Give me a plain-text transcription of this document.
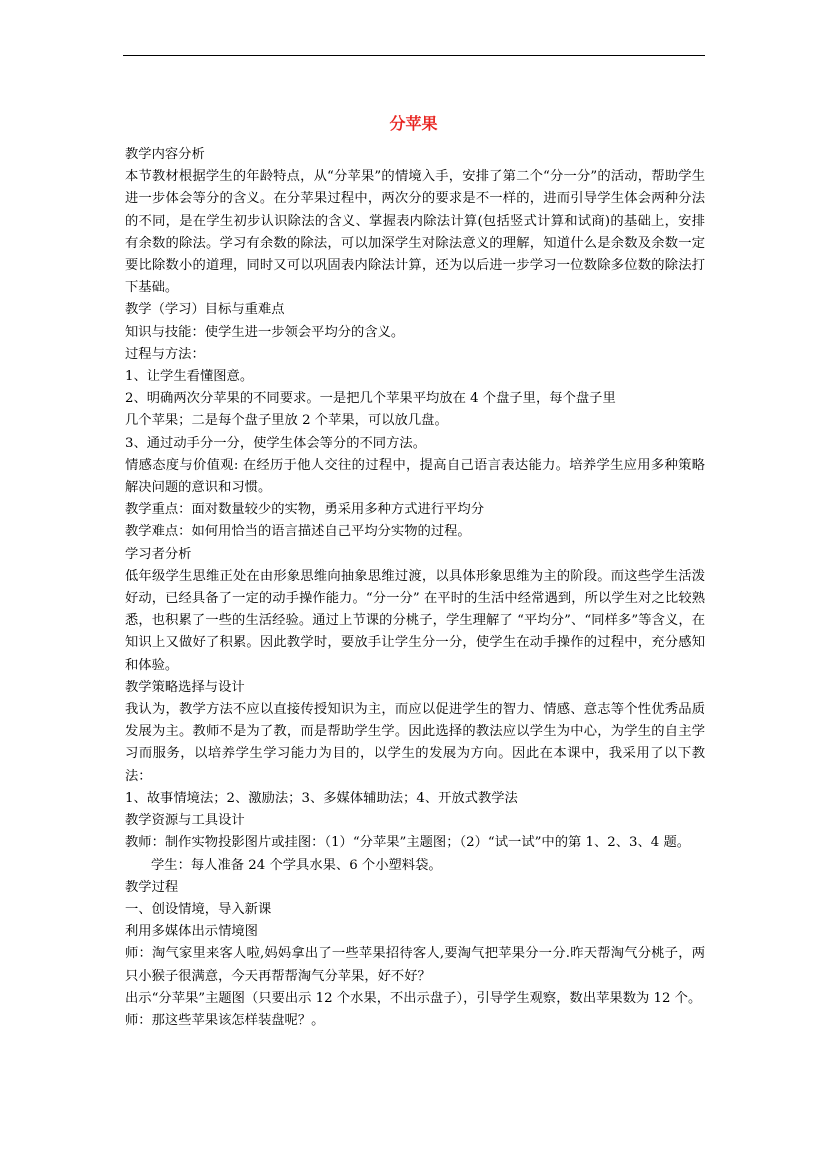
分苹果

教学内容分析

本节教材根据学生的年龄特点，从“分苹果”的情境入手，安排了第二个“分一分”的活动，帮助学生进一步体会等分的含义。在分苹果过程中，两次分的要求是不一样的，进而引导学生体会两种分法的不同，是在学生初步认识除法的含义、掌握表内除法计算(包括竖式计算和试商)的基础上，安排有余数的除法。学习有余数的除法，可以加深学生对除法意义的理解，知道什么是余数及余数一定要比除数小的道理，同时又可以巩固表内除法计算，还为以后进一步学习一位数除多位数的除法打下基础。

教学（学习）目标与重难点

知识与技能：使学生进一步领会平均分的含义。

过程与方法：

1、让学生看懂图意。

2、明确两次分苹果的不同要求。一是把几个苹果平均放在 4 个盘子里，每个盘子里

几个苹果；二是每个盘子里放 2 个苹果，可以放几盘。

3、通过动手分一分，使学生体会等分的不同方法。

情感态度与价值观: 在经历于他人交往的过程中，提高自己语言表达能力。培养学生应用多种策略解决问题的意识和习惯。

教学重点：面对数量较少的实物，勇采用多种方式进行平均分

教学难点：如何用恰当的语言描述自己平均分实物的过程。

学习者分析

低年级学生思维正处在由形象思维向抽象思维过渡，以具体形象思维为主的阶段。而这些学生活泼好动，已经具备了一定的动手操作能力。“分一分” 在平时的生活中经常遇到，所以学生对之比较熟悉，也积累了一些的生活经验。通过上节课的分桃子，学生理解了 “平均分”、“同样多”等含义，在知识上又做好了积累。因此教学时，要放手让学生分一分，使学生在动手操作的过程中，充分感知和体验。

教学策略选择与设计

我认为，教学方法不应以直接传授知识为主，而应以促进学生的智力、情感、意志等个性优秀品质发展为主。教师不是为了教，而是帮助学生学。因此选择的教法应以学生为中心，为学生的自主学习而服务，以培养学生学习能力为目的，以学生的发展为方向。因此在本课中，我采用了以下教法：

1、故事情境法；2、激励法；3、多媒体辅助法；4、开放式教学法

教学资源与工具设计

教师：制作实物投影图片或挂图：（1）“分苹果”主题图；（2）“试一试”中的第 1、2、3、4 题。

学生：每人准备 24 个学具水果、6 个小塑料袋。

教学过程

一、创设情境，导入新课

利用多媒体出示情境图

师：淘气家里来客人啦,妈妈拿出了一些苹果招待客人,要淘气把苹果分一分.昨天帮淘气分桃子，两只小猴子很满意，今天再帮帮淘气分苹果，好不好？

出示“分苹果”主题图（只要出示 12 个水果，不出示盘子），引导学生观察，数出苹果数为 12 个。

师：那这些苹果该怎样装盘呢？。
